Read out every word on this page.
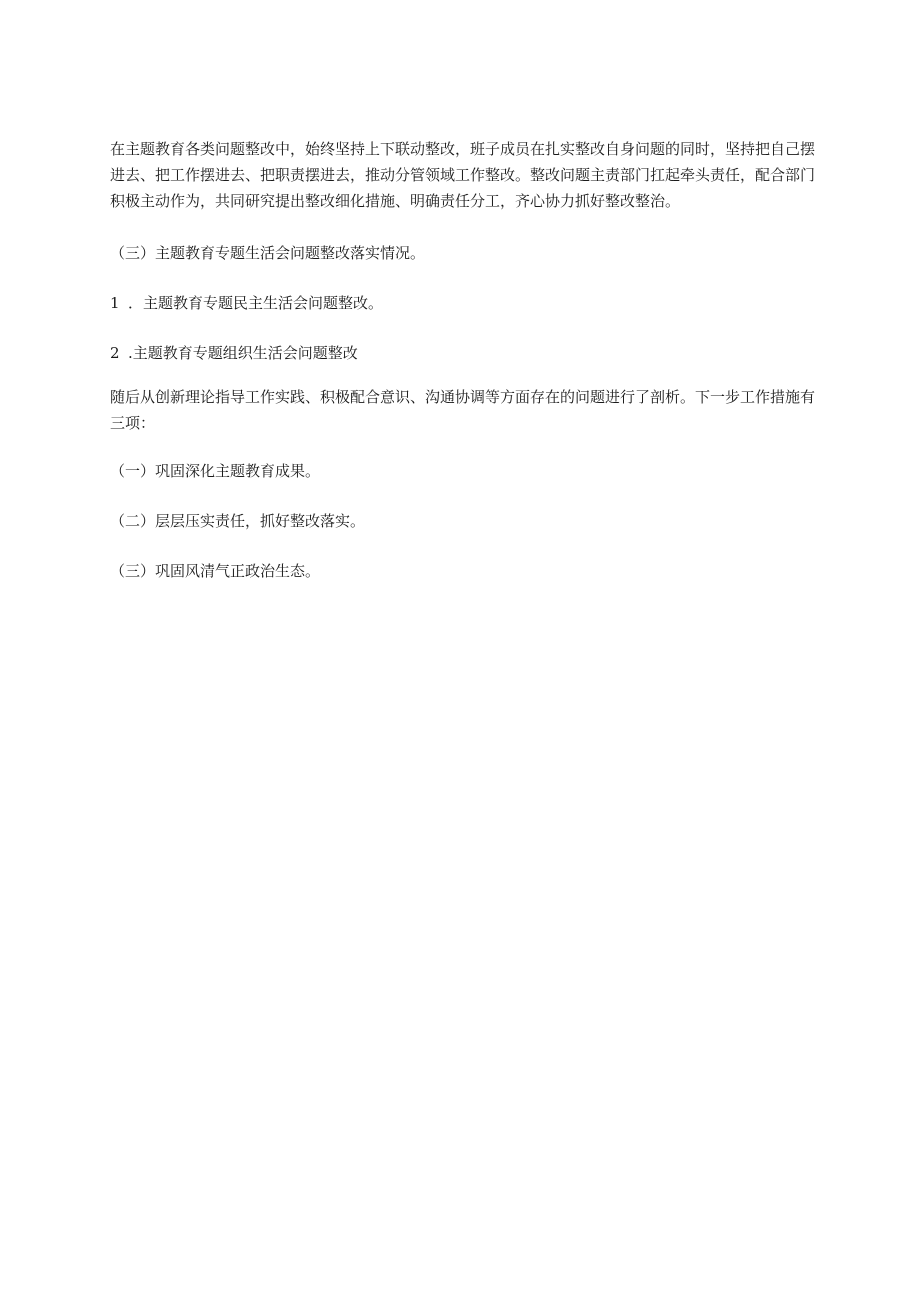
在主题教育各类问题整改中，始终坚持上下联动整改，班子成员在扎实整改自身问题的同时，坚持把自己摆进去、把工作摆进去、把职责摆进去，推动分管领域工作整改。整改问题主责部门扛起牵头责任，配合部门积极主动作为，共同研究提出整改细化措施、明确责任分工，齐心协力抓好整改整治。

（三）主题教育专题生活会问题整改落实情况。

1 ．主题教育专题民主生活会问题整改。

2 .主题教育专题组织生活会问题整改

随后从创新理论指导工作实践、积极配合意识、沟通协调等方面存在的问题进行了剖析。下一步工作措施有三项：

（一）巩固深化主题教育成果。

（二）层层压实责任，抓好整改落实。

（三）巩固风清气正政治生态。
